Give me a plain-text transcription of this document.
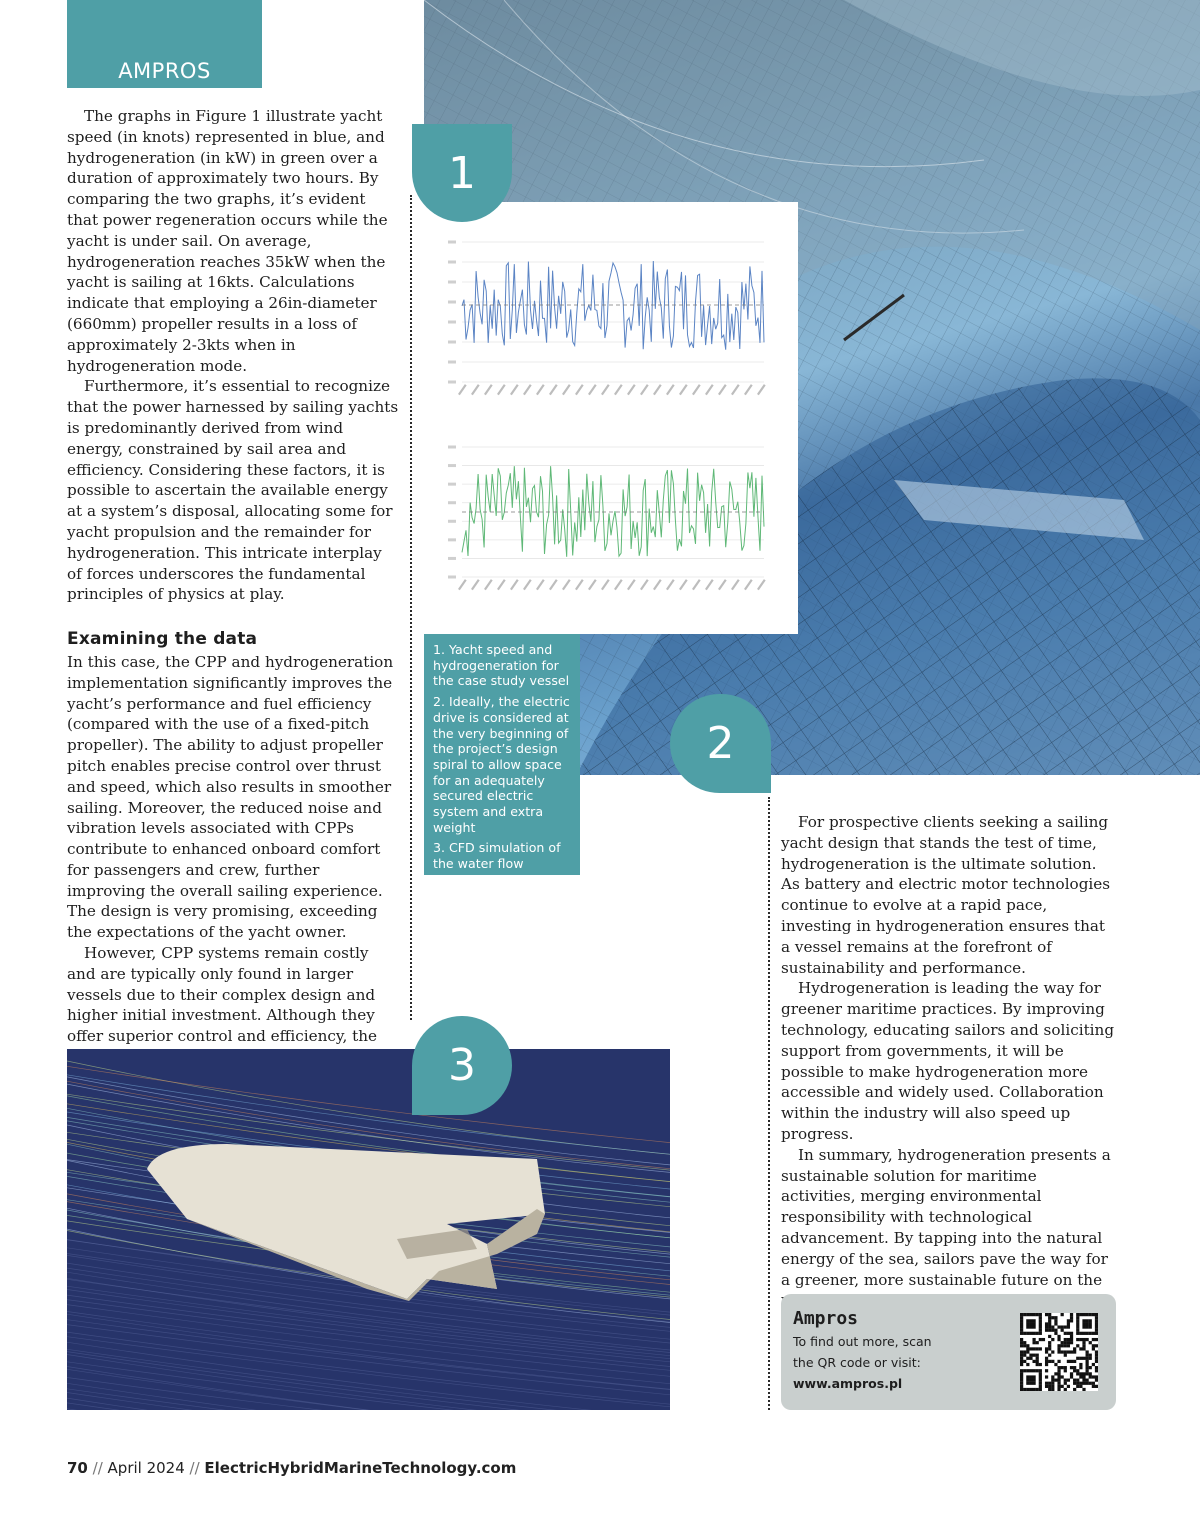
AMPROS

The graphs in Figure 1 illustrate yacht speed (in knots) represented in blue, and hydrogeneration (in kW) in green over a duration of approximately two hours. By comparing the two graphs, it’s evident that power regeneration occurs while the yacht is under sail. On average, hydrogeneration reaches 35kW when the yacht is sailing at 16kts. Calculations indicate that employing a 26in-diameter (660mm) propeller results in a loss of approximately 2-3kts when in hydrogeneration mode.

Furthermore, it’s essential to recognize that the power harnessed by sailing yachts is predominantly derived from wind energy, constrained by sail area and efficiency. Considering these factors, it is possible to ascertain the available energy at a system’s disposal, allocating some for yacht propulsion and the remainder for hydrogeneration. This intricate interplay of forces underscores the fundamental principles of physics at play.

Examining the data

In this case, the CPP and hydrogeneration implementation significantly improves the yacht’s performance and fuel efficiency (compared with the use of a fixed-pitch propeller). The ability to adjust propeller pitch enables precise control over thrust and speed, which also results in smoother sailing. Moreover, the reduced noise and vibration levels associated with CPPs contribute to enhanced onboard comfort for passengers and crew, further improving the overall sailing experience. The design is very promising, exceeding the expectations of the yacht owner.

However, CPP systems remain costly and are typically only found in larger vessels due to their complex design and higher initial investment. Although they offer superior control and efficiency, the

1

1. Yacht speed and hydrogeneration for the case study vessel

2. Ideally, the electric drive is considered at the very beginning of the project’s design spiral to allow space for an adequately secured electric system and extra weight

3. CFD simulation of the water flow

2

For prospective clients seeking a sailing yacht design that stands the test of time, hydrogeneration is the ultimate solution. As battery and electric motor technologies continue to evolve at a rapid pace, investing in hydrogeneration ensures that a vessel remains at the forefront of sustainability and performance.

Hydrogeneration is leading the way for greener maritime practices. By improving technology, educating sailors and soliciting support from governments, it will be possible to make hydrogeneration more accessible and widely used. Collaboration within the industry will also speed up progress.

In summary, hydrogeneration presents a sustainable solution for maritime activities, merging environmental responsibility with technological advancement. By tapping into the natural energy of the sea, sailors pave the way for a greener, more sustainable future on the

3
Ampros
To find out more, scan
the QR code or visit:
www.ampros.pl
70 // April 2024 // ElectricHybridMarineTechnology.com
